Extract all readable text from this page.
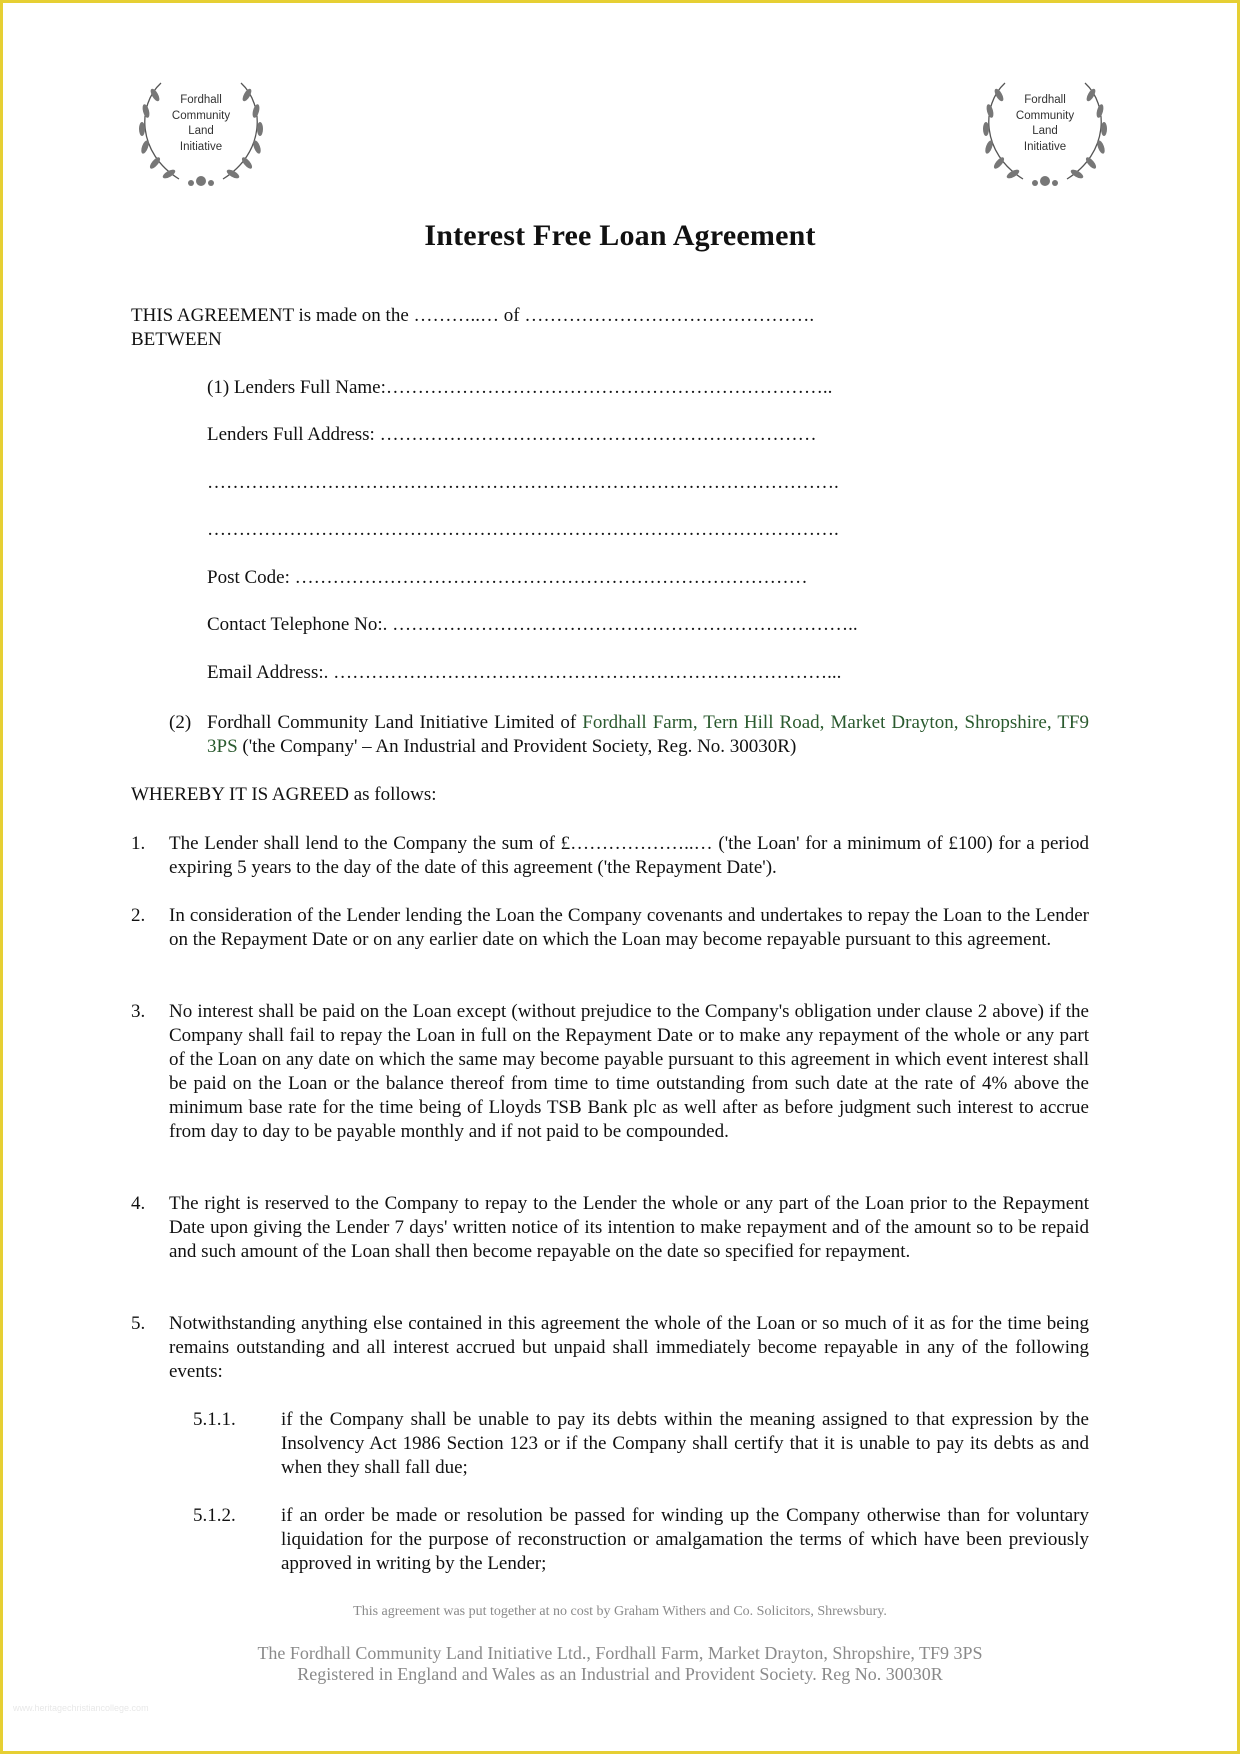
Fordhall
Community
Land
Initiative
Fordhall
Community
Land
Initiative
Interest Free Loan Agreement
THIS AGREEMENT is made on the ………..… of ……………………………………….
BETWEEN
(1) Lenders Full Name:……………………………………………………………..
Lenders Full Address: ……………………………………………………………
……………………………………………………………………………………….
……………………………………………………………………………………….
Post Code: ………………………………………………………………………
Contact Telephone No:. ………………………………………………………………..
Email Address:. ……………………………………………………………………...
(2) Fordhall Community Land Initiative Limited of Fordhall Farm, Tern Hill Road, Market Drayton, Shropshire, TF9 3PS ('the Company' – An Industrial and Provident Society, Reg. No. 30030R)
WHEREBY IT IS AGREED as follows:
1. The Lender shall lend to the Company the sum of £………………..… ('the Loan' for a minimum of £100) for a period expiring 5 years to the day of the date of this agreement ('the Repayment Date').
2. In consideration of the Lender lending the Loan the Company covenants and undertakes to repay the Loan to the Lender on the Repayment Date or on any earlier date on which the Loan may become repayable pursuant to this agreement.
3. No interest shall be paid on the Loan except (without prejudice to the Company's obligation under clause 2 above) if the Company shall fail to repay the Loan in full on the Repayment Date or to make any repayment of the whole or any part of the Loan on any date on which the same may become payable pursuant to this agreement in which event interest shall be paid on the Loan or the balance thereof from time to time outstanding from such date at the rate of 4% above the minimum base rate for the time being of Lloyds TSB Bank plc as well after as before judgment such interest to accrue from day to day to be payable monthly and if not paid to be compounded.
4. The right is reserved to the Company to repay to the Lender the whole or any part of the Loan prior to the Repayment Date upon giving the Lender 7 days' written notice of its intention to make repayment and of the amount so to be repaid and such amount of the Loan shall then become repayable on the date so specified for repayment.
5. Notwithstanding anything else contained in this agreement the whole of the Loan or so much of it as for the time being remains outstanding and all interest accrued but unpaid shall immediately become repayable in any of the following events:
5.1.1. if the Company shall be unable to pay its debts within the meaning assigned to that expression by the Insolvency Act 1986 Section 123 or if the Company shall certify that it is unable to pay its debts as and when they shall fall due;
5.1.2. if an order be made or resolution be passed for winding up the Company otherwise than for voluntary liquidation for the purpose of reconstruction or amalgamation the terms of which have been previously approved in writing by the Lender;
This agreement was put together at no cost by Graham Withers and Co. Solicitors, Shrewsbury.
The Fordhall Community Land Initiative Ltd., Fordhall Farm, Market Drayton, Shropshire, TF9 3PS
Registered in England and Wales as an Industrial and Provident Society. Reg No. 30030R
www.heritagechristiancollege.com
